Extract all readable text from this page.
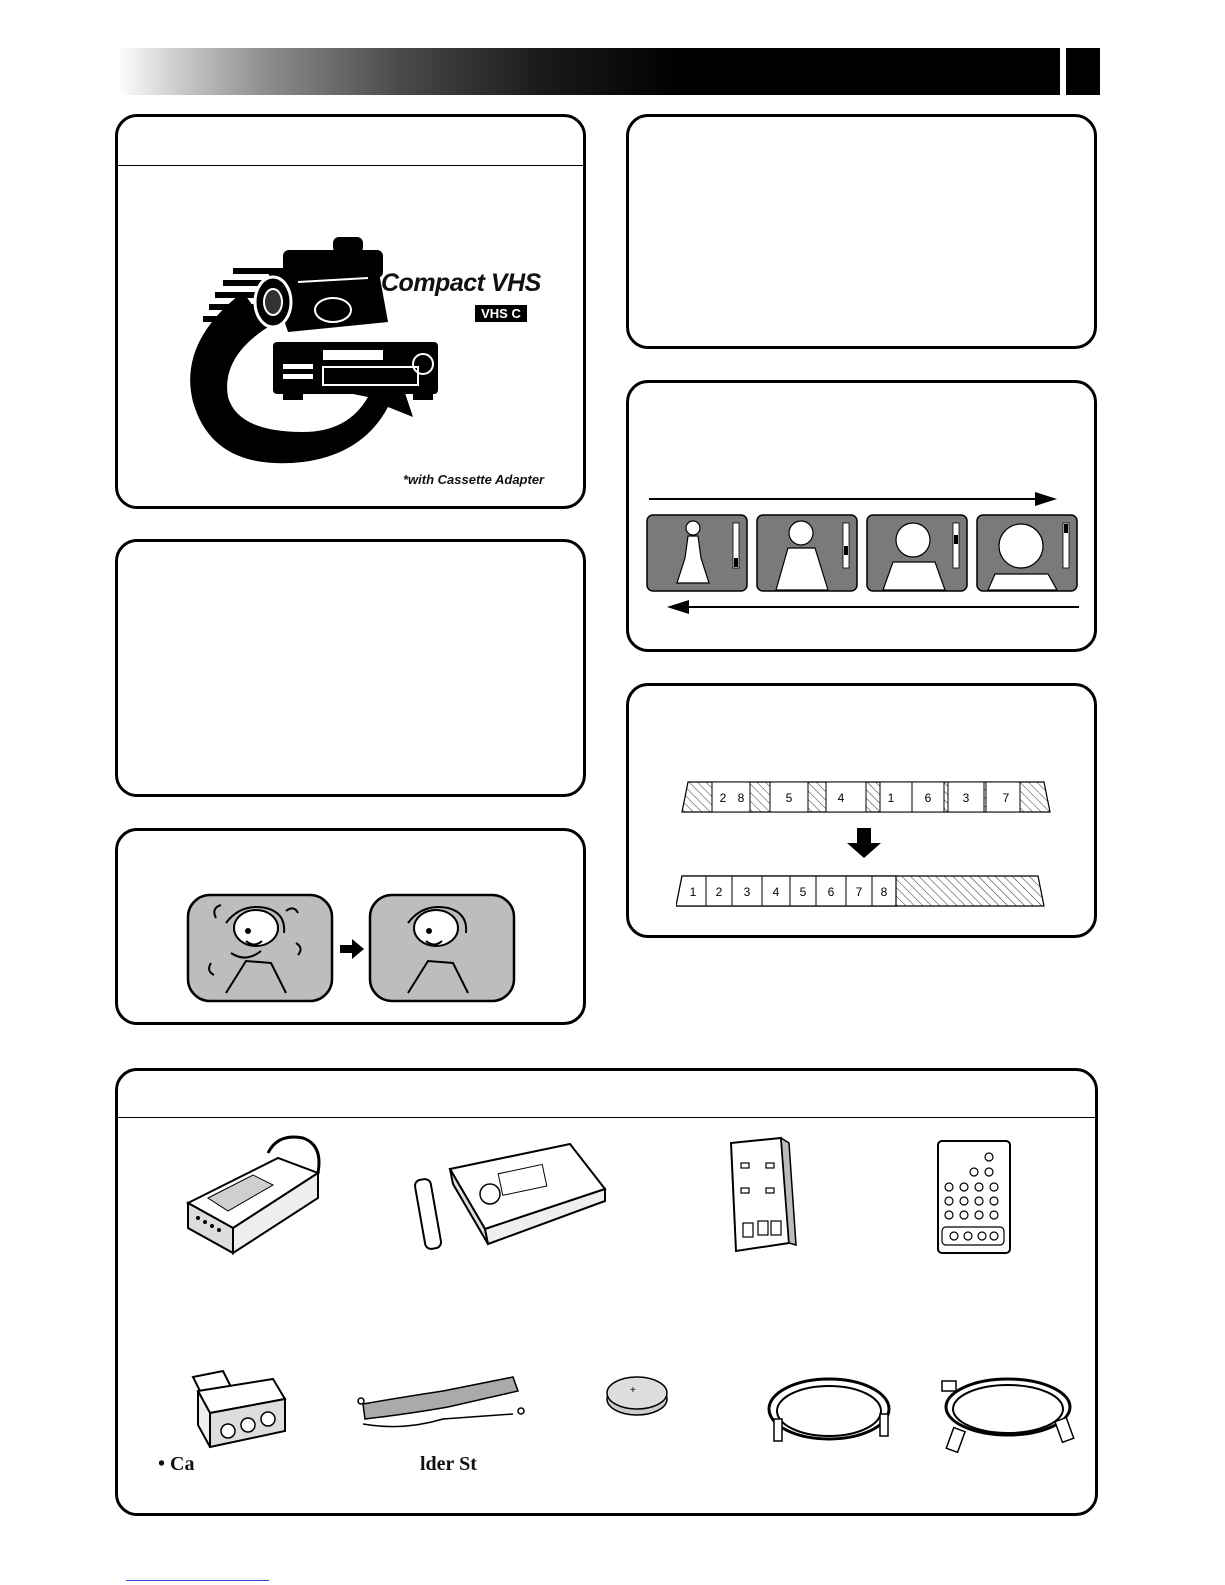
Compact VHS
VHS C
*with Cassette Adapter
2 8	5	4	1	6	3	7
1 2 3 4 5 6 7 8
+
• Ca	lder St
